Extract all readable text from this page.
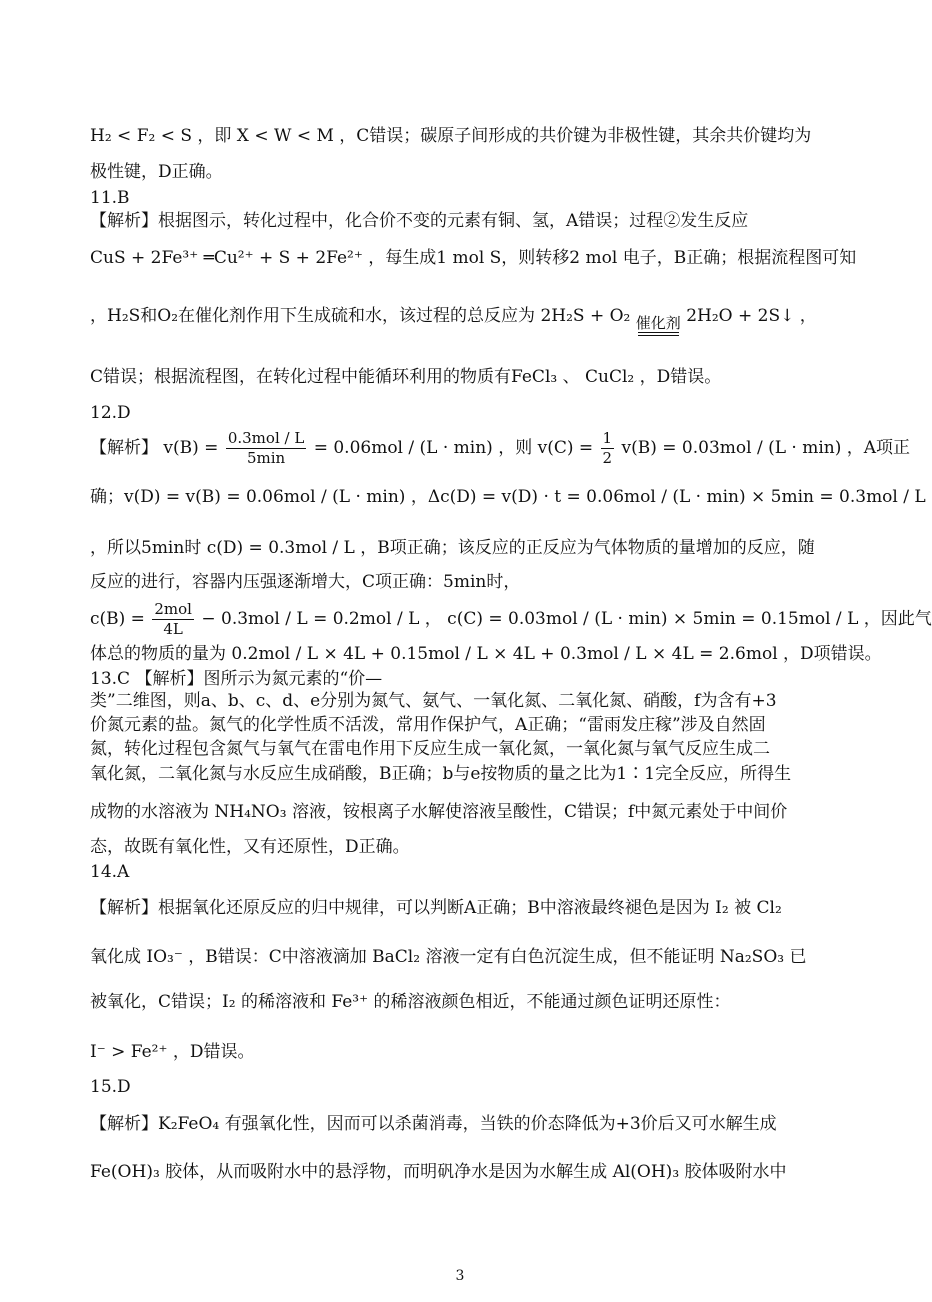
H₂ < F₂ < S ，即 X < W < M ，C错误；碳原子间形成的共价键为非极性键，其余共价键均为
极性键，D正确。
11.B
【解析】根据图示，转化过程中，化合价不变的元素有铜、氢，A错误；过程②发生反应
CuS + 2Fe³⁺ ═Cu²⁺ + S + 2Fe²⁺ ，每生成1 mol S，则转移2 mol 电子，B正确；根据流程图可知
，H₂S和O₂在催化剂作用下生成硫和水，该过程的总反应为 2H₂S + O₂ 催化剂 2H₂O + 2S↓ ，
C错误；根据流程图，在转化过程中能循环利用的物质有FeCl₃ 、 CuCl₂ ，D错误。
12.D
【解析】 $v(B) = \frac{\text{0.3mol / L}}{5\min} = 0.06mol / (L \cdot \min)$ ，则 $v(C) = \frac{1}{2} v(B) = 0.03mol / (L \cdot \min)$ ，A项正
确；v(D) = v(B) = 0.06mol / (L · min) ，Δc(D) = v(D) · t = 0.06mol / (L · min) × 5min = 0.3mol / L
，所以5min时 c(D) = 0.3mol / L ，B项正确；该反应的正反应为气体物质的量增加的反应，随
反应的进行，容器内压强逐渐增大，C项正确：5min时，
$c(B) = \frac{\text{2mol}}{4L} - 0.3mol / L = 0.2mol / L$ ， c(C) = 0.03mol / (L · min) × 5min = 0.15mol / L ，因此气
体总的物质的量为 0.2mol / L × 4L + 0.15mol / L × 4L + 0.3mol / L × 4L = 2.6mol ，D项错误。
13.C 【解析】图所示为氮元素的“价—
类”二维图，则a、b、c、d、e分别为氮气、氨气、一氧化氮、二氧化氮、硝酸，f为含有+3
价氮元素的盐。氮气的化学性质不活泼，常用作保护气，A正确；“雷雨发庄稼”涉及自然固
氮，转化过程包含氮气与氧气在雷电作用下反应生成一氧化氮，一氧化氮与氧气反应生成二
氧化氮，二氧化氮与水反应生成硝酸，B正确；b与e按物质的量之比为1∶1完全反应，所得生
成物的水溶液为 NH₄NO₃ 溶液，铵根离子水解使溶液呈酸性，C错误；f中氮元素处于中间价
态，故既有氧化性，又有还原性，D正确。
14.A
【解析】根据氧化还原反应的归中规律，可以判断A正确；B中溶液最终褪色是因为 I₂ 被 Cl₂
氧化成 IO₃⁻ ，B错误：C中溶液滴加 BaCl₂ 溶液一定有白色沉淀生成，但不能证明 Na₂SO₃ 已
被氧化，C错误；I₂ 的稀溶液和 Fe³⁺ 的稀溶液颜色相近，不能通过颜色证明还原性：
I⁻ > Fe²⁺ ，D错误。
15.D
【解析】K₂FeO₄ 有强氧化性，因而可以杀菌消毒，当铁的价态降低为+3价后又可水解生成
Fe(OH)₃ 胶体，从而吸附水中的悬浮物，而明矾净水是因为水解生成 Al(OH)₃ 胶体吸附水中
3
